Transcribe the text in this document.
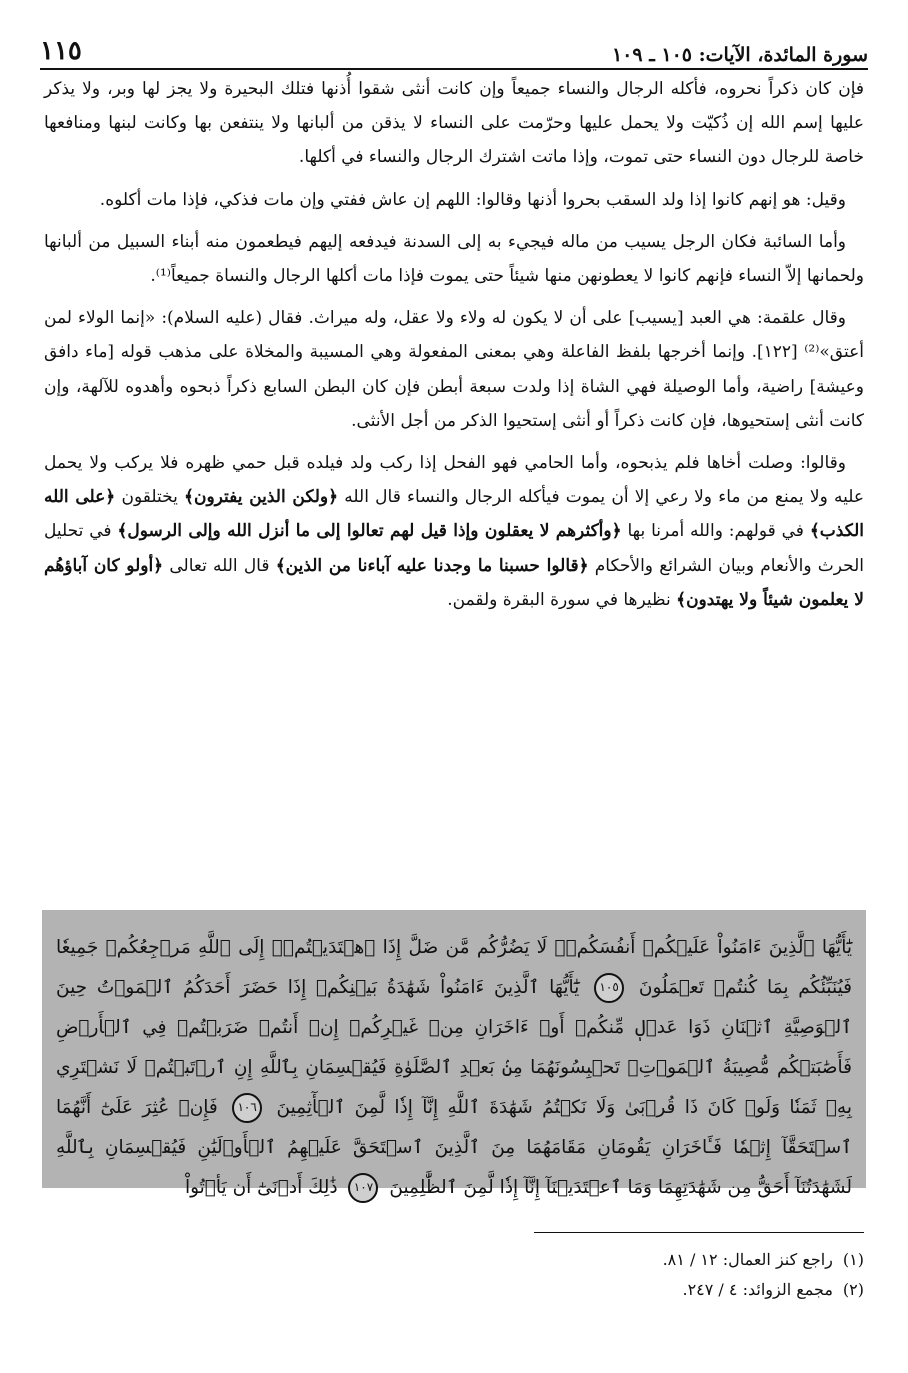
سورة المائدة، الآيات: ١٠٥ ـ ١٠٩
١١٥

فإن كان ذكراً نحروه، فأكله الرجال والنساء جميعاً وإن كانت أنثى شقوا أُذنها فتلك البحيرة ولا يجز لها وبر، ولا يذكر عليها إسم الله إن ذُكيّت ولا يحمل عليها وحرّمت على النساء لا يذقن من ألبانها ولا ينتفعن بها وكانت لبنها ومنافعها خاصة للرجال دون النساء حتى تموت، وإذا ماتت اشترك الرجال والنساء في أكلها.

وقيل: هو إنهم كانوا إذا ولد السقب بحروا أذنها وقالوا: اللهم إن عاش ففتي وإن مات فذكي، فإذا مات أكلوه.

وأما السائبة فكان الرجل يسيب من ماله فيجيء به إلى السدنة فيدفعه إليهم فيطعمون منه أبناء السبيل من ألبانها ولحمانها إلاّ النساء فإنهم كانوا لا يعطونهن منها شيئاً حتى يموت فإذا مات أكلها الرجال والنساة جميعاً⁽¹⁾.

وقال علقمة: هي العبد [يسيب] على أن لا يكون له ولاء ولا عقل، وله ميراث. فقال (عليه السلام): «إنما الولاء لمن أعتق»⁽²⁾ [١٢٢]. وإنما أخرجها بلفظ الفاعلة وهي بمعنى المفعولة وهي المسيبة والمخلاة على مذهب قوله [ماء دافق وعيشة] راضية، وأما الوصيلة فهي الشاة إذا ولدت سبعة أبطن فإن كان البطن السابع ذكراً ذبحوه وأهدوه للآلهة، وإن كانت أنثى إستحيوها، فإن كانت ذكراً أو أنثى إستحيوا الذكر من أجل الأنثى.

وقالوا: وصلت أخاها فلم يذبحوه، وأما الحامي فهو الفحل إذا ركب ولد فيلده قبل حمي ظهره فلا يركب ولا يحمل عليه ولا يمنع من ماء ولا رعي إلا أن يموت فيأكله الرجال والنساء قال الله ﴿ولكن الذين يفترون﴾ يختلقون ﴿على الله الكذب﴾ في قولهم: والله أمرنا بها ﴿وأكثرهم لا يعقلون وإذا قيل لهم تعالوا إلى ما أنزل الله وإلى الرسول﴾ في تحليل الحرث والأنعام وبيان الشرائع والأحكام ﴿قالوا حسبنا ما وجدنا عليه آباءنا من الذين﴾ قال الله تعالى ﴿أولو كان آباؤهُم لا يعلمون شيئاً ولا يهتدون﴾ نظيرها في سورة البقرة ولقمن.

يَٰٓأَيُّهَا ٱلَّذِينَ ءَامَنُواْ عَلَيۡكُمۡ أَنفُسَكُمۡۖ لَا يَضُرُّكُم مَّن ضَلَّ إِذَا ٱهۡتَدَيۡتُمۡۚ إِلَى ٱللَّهِ مَرۡجِعُكُمۡ جَمِيعٗا فَيُنَبِّئُكُم بِمَا كُنتُمۡ تَعۡمَلُونَ ١٠٥ يَٰٓأَيُّهَا ٱلَّذِينَ ءَامَنُواْ شَهَٰدَةُ بَيۡنِكُمۡ إِذَا حَضَرَ أَحَدَكُمُ ٱلۡمَوۡتُ حِينَ ٱلۡوَصِيَّةِ ٱثۡنَانِ ذَوَا عَدۡلٖ مِّنكُمۡ أَوۡ ءَاخَرَانِ مِنۡ غَيۡرِكُمۡ إِنۡ أَنتُمۡ ضَرَبۡتُمۡ فِي ٱلۡأَرۡضِ فَأَصَٰبَتۡكُم مُّصِيبَةُ ٱلۡمَوۡتِۚ تَحۡبِسُونَهُمَا مِنۢ بَعۡدِ ٱلصَّلَوٰةِ فَيُقۡسِمَانِ بِٱللَّهِ إِنِ ٱرۡتَبۡتُمۡ لَا نَشۡتَرِي بِهِۦ ثَمَنٗا وَلَوۡ كَانَ ذَا قُرۡبَىٰ وَلَا نَكۡتُمُ شَهَٰدَةَ ٱللَّهِ إِنَّآ إِذٗا لَّمِنَ ٱلۡأٓثِمِينَ ١٠٦ فَإِنۡ عُثِرَ عَلَىٰٓ أَنَّهُمَا ٱسۡتَحَقَّآ إِثۡمٗا فَـَٔاخَرَانِ يَقُومَانِ مَقَامَهُمَا مِنَ ٱلَّذِينَ ٱسۡتَحَقَّ عَلَيۡهِمُ ٱلۡأَوۡلَيَٰنِ فَيُقۡسِمَانِ بِٱللَّهِ لَشَهَٰدَتُنَآ أَحَقُّ مِن شَهَٰدَتِهِمَا وَمَا ٱعۡتَدَيۡنَآ إِنَّآ إِذٗا لَّمِنَ ٱلظَّٰلِمِينَ ١٠٧ ذَٰلِكَ أَدۡنَىٰٓ أَن يَأۡتُواْ
(١)
راجع كنز العمال: ١٢ / ٨١.
(٢)
مجمع الزوائد: ٤ / ٢٤٧.
